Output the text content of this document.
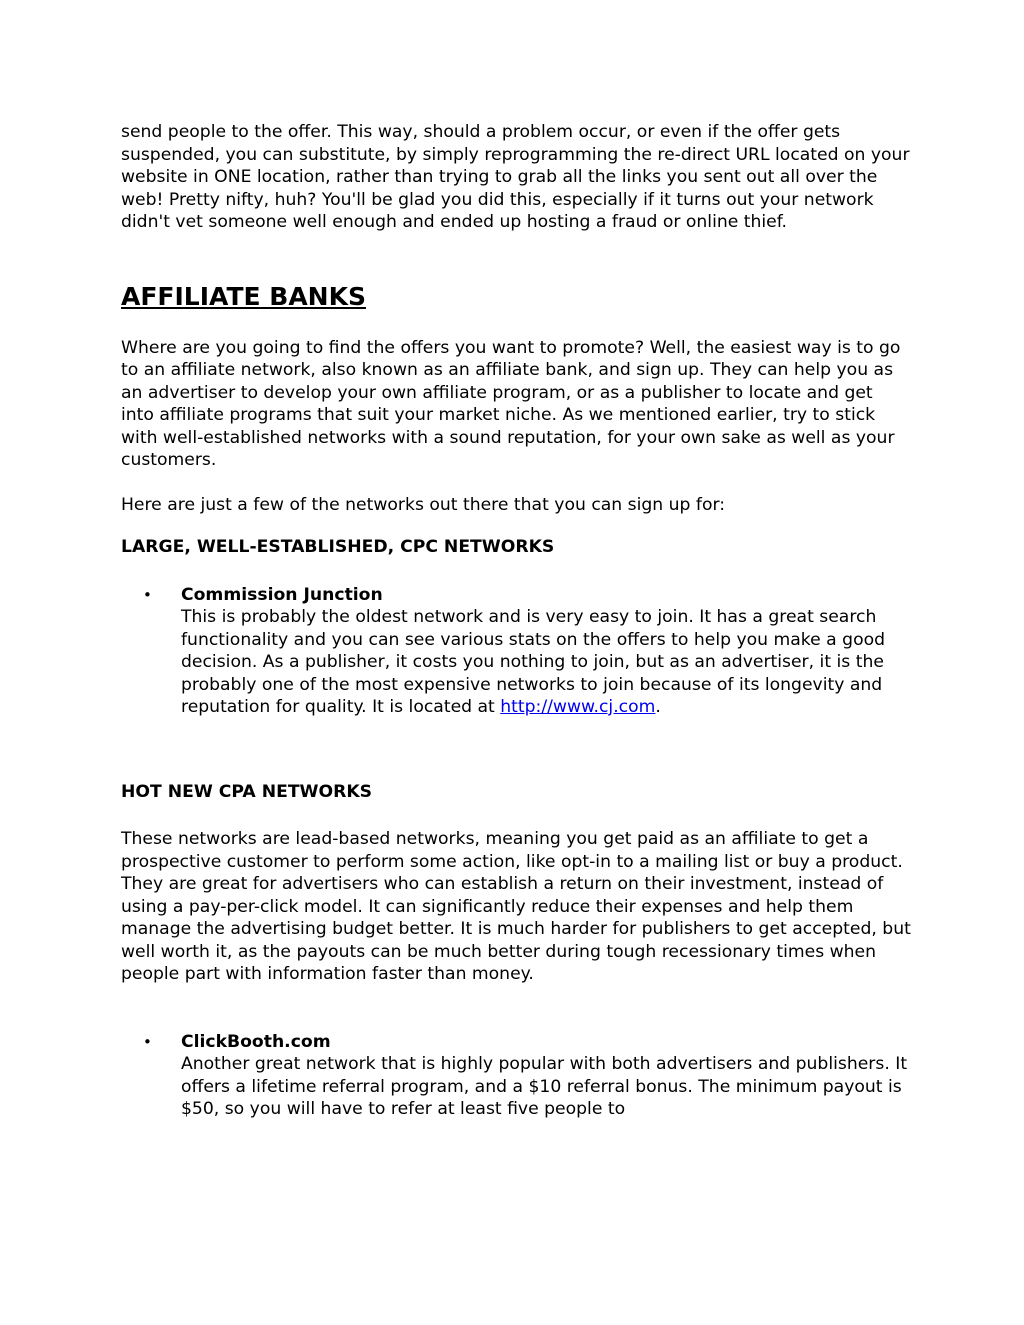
send people to the offer. This way, should a problem occur, or even if the offer gets suspended, you can substitute, by simply reprogramming the re-direct URL located on your website in ONE location, rather than trying to grab all the links you sent out all over the web! Pretty nifty, huh? You'll be glad you did this, especially if it turns out your network didn't vet someone well enough and ended up hosting a fraud or online thief.

AFFILIATE BANKS

Where are you going to find the offers you want to promote? Well, the easiest way is to go to an affiliate network, also known as an affiliate bank, and sign up. They can help you as an advertiser to develop your own affiliate program, or as a publisher to locate and get into affiliate programs that suit your market niche. As we mentioned earlier, try to stick with well-established networks with a sound reputation, for your own sake as well as your customers.

Here are just a few of the networks out there that you can sign up for:

LARGE, WELL-ESTABLISHED, CPC NETWORKS
• Commission Junction
This is probably the oldest network and is very easy to join. It has a great search functionality and you can see various stats on the offers to help you make a good decision. As a publisher, it costs you nothing to join, but as an advertiser, it is the probably one of the most expensive networks to join because of its longevity and reputation for quality. It is located at http://www.cj.com.
HOT NEW CPA NETWORKS

These networks are lead-based networks, meaning you get paid as an affiliate to get a prospective customer to perform some action, like opt-in to a mailing list or buy a product. They are great for advertisers who can establish a return on their investment, instead of using a pay-per-click model. It can significantly reduce their expenses and help them manage the advertising budget better. It is much harder for publishers to get accepted, but well worth it, as the payouts can be much better during tough recessionary times when people part with information faster than money.

• ClickBooth.com
Another great network that is highly popular with both advertisers and publishers. It offers a lifetime referral program, and a $10 referral bonus. The minimum payout is $50, so you will have to refer at least five people to
